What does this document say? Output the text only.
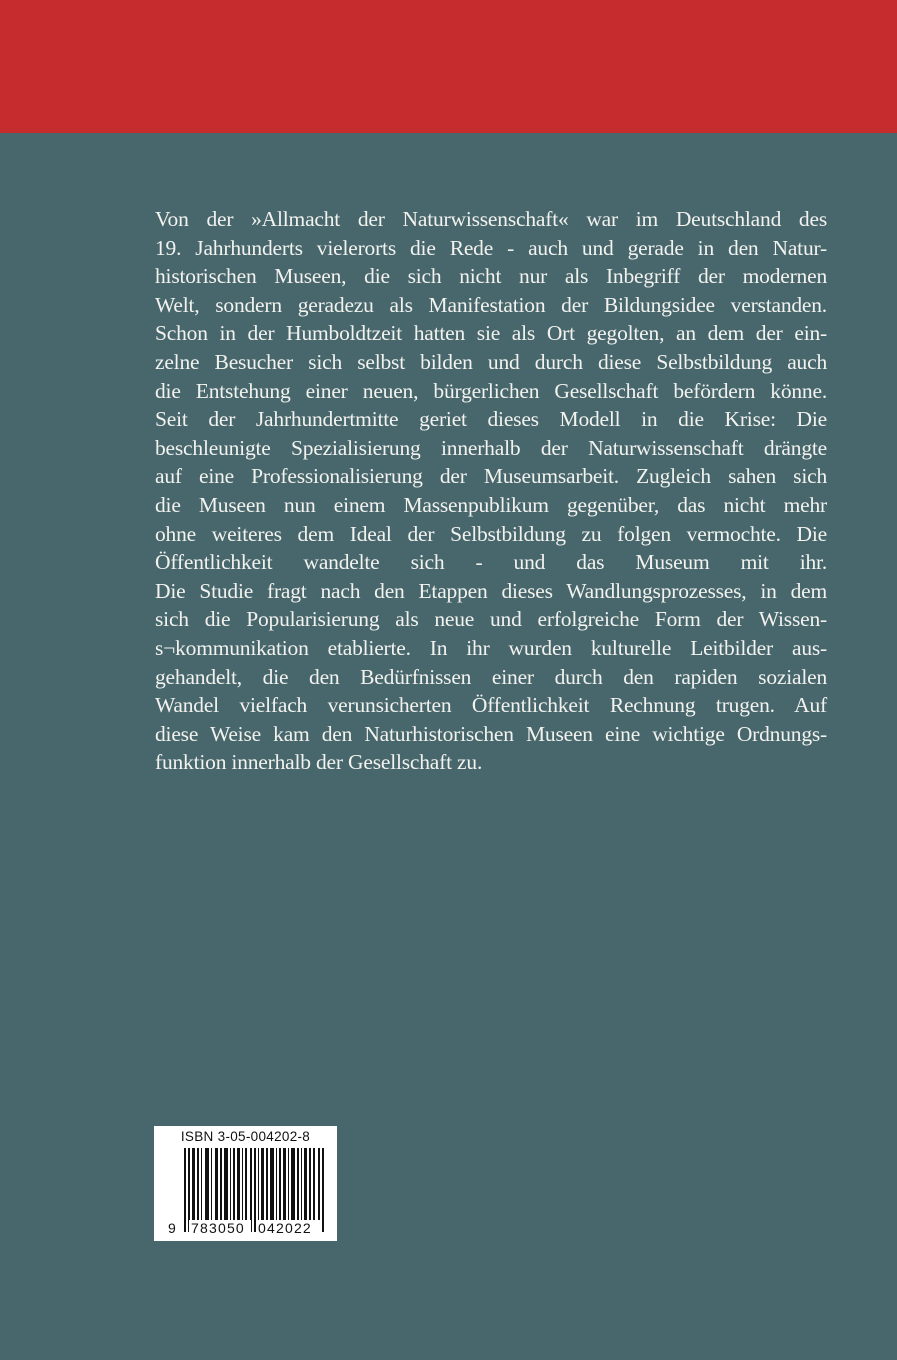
Von der »Allmacht der Naturwissenschaft« war im Deutschland des
19. Jahrhunderts vielerorts die Rede - auch und gerade in den Natur-
historischen Museen, die sich nicht nur als Inbegriff der modernen
Welt, sondern geradezu als Manifestation der Bildungsidee verstanden.
Schon in der Humboldtzeit hatten sie als Ort gegolten, an dem der ein-
zelne Besucher sich selbst bilden und durch diese Selbstbildung auch
die Entstehung einer neuen, bürgerlichen Gesellschaft befördern könne.
Seit der Jahrhundertmitte geriet dieses Modell in die Krise: Die
beschleunigte Spezialisierung innerhalb der Naturwissenschaft drängte
auf eine Professionalisierung der Museumsarbeit. Zugleich sahen sich
die Museen nun einem Massenpublikum gegenüber, das nicht mehr
ohne weiteres dem Ideal der Selbstbildung zu folgen vermochte. Die
Öffentlichkeit wandelte sich - und das Museum mit ihr.
Die Studie fragt nach den Etappen dieses Wandlungsprozesses, in dem
sich die Popularisierung als neue und erfolgreiche Form der Wissen-
s¬kommunikation etablierte. In ihr wurden kulturelle Leitbilder aus-
gehandelt, die den Bedürfnissen einer durch den rapiden sozialen
Wandel vielfach verunsicherten Öffentlichkeit Rechnung trugen. Auf
diese Weise kam den Naturhistorischen Museen eine wichtige Ordnungs-
funktion innerhalb der Gesellschaft zu.
ISBN 3-05-004202-8
9 783050 042022
